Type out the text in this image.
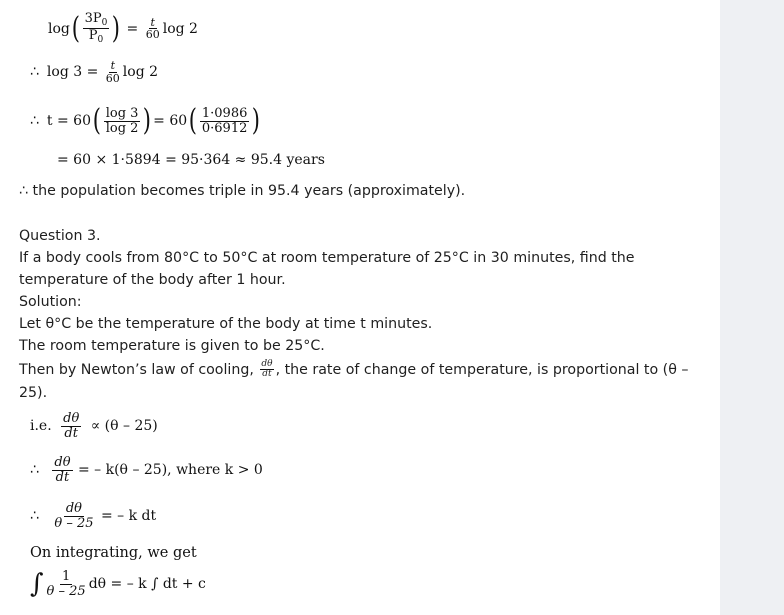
$\log( \frac{3P_0}{P_0}$ ) = $\frac{t}{60}$ log 2
∴ $\log 3 = \frac{t}{60}$ log 2
∴ $t = 60( \frac{\log 3}{\log 2}$ ) = $60( \frac{1\cdot 0986}{0\cdot 6912}$ )
= 60 × 1·5894 = 95·364 ≈ 95.4 years
∴ the population becomes triple in 95.4 years (approximately).
Question 3.
If a body cools from 80°C to 50°C at room temperature of 25°C in 30 minutes, find the
temperature of the body after 1 hour.
Solution:
Let θ°C be the temperature of the body at time t minutes.
The room temperature is given to be 25°C.
Then by Newton’s law of cooling, $\frac{d\theta}{dt}$ , the rate of change of temperature, is proportional to (θ –
25).
i.e. $\frac{d\theta}{dt} \propto (\theta - 25)$
∴ $\frac{d\theta}{dt}$ = – k(θ – 25), where k > 0
∴ $\frac{d\theta}{\theta - 25}$ = – k dt
On integrating, we get
∫ $\frac{1}{\theta - 25}$ dθ = – k ∫ dt + c
